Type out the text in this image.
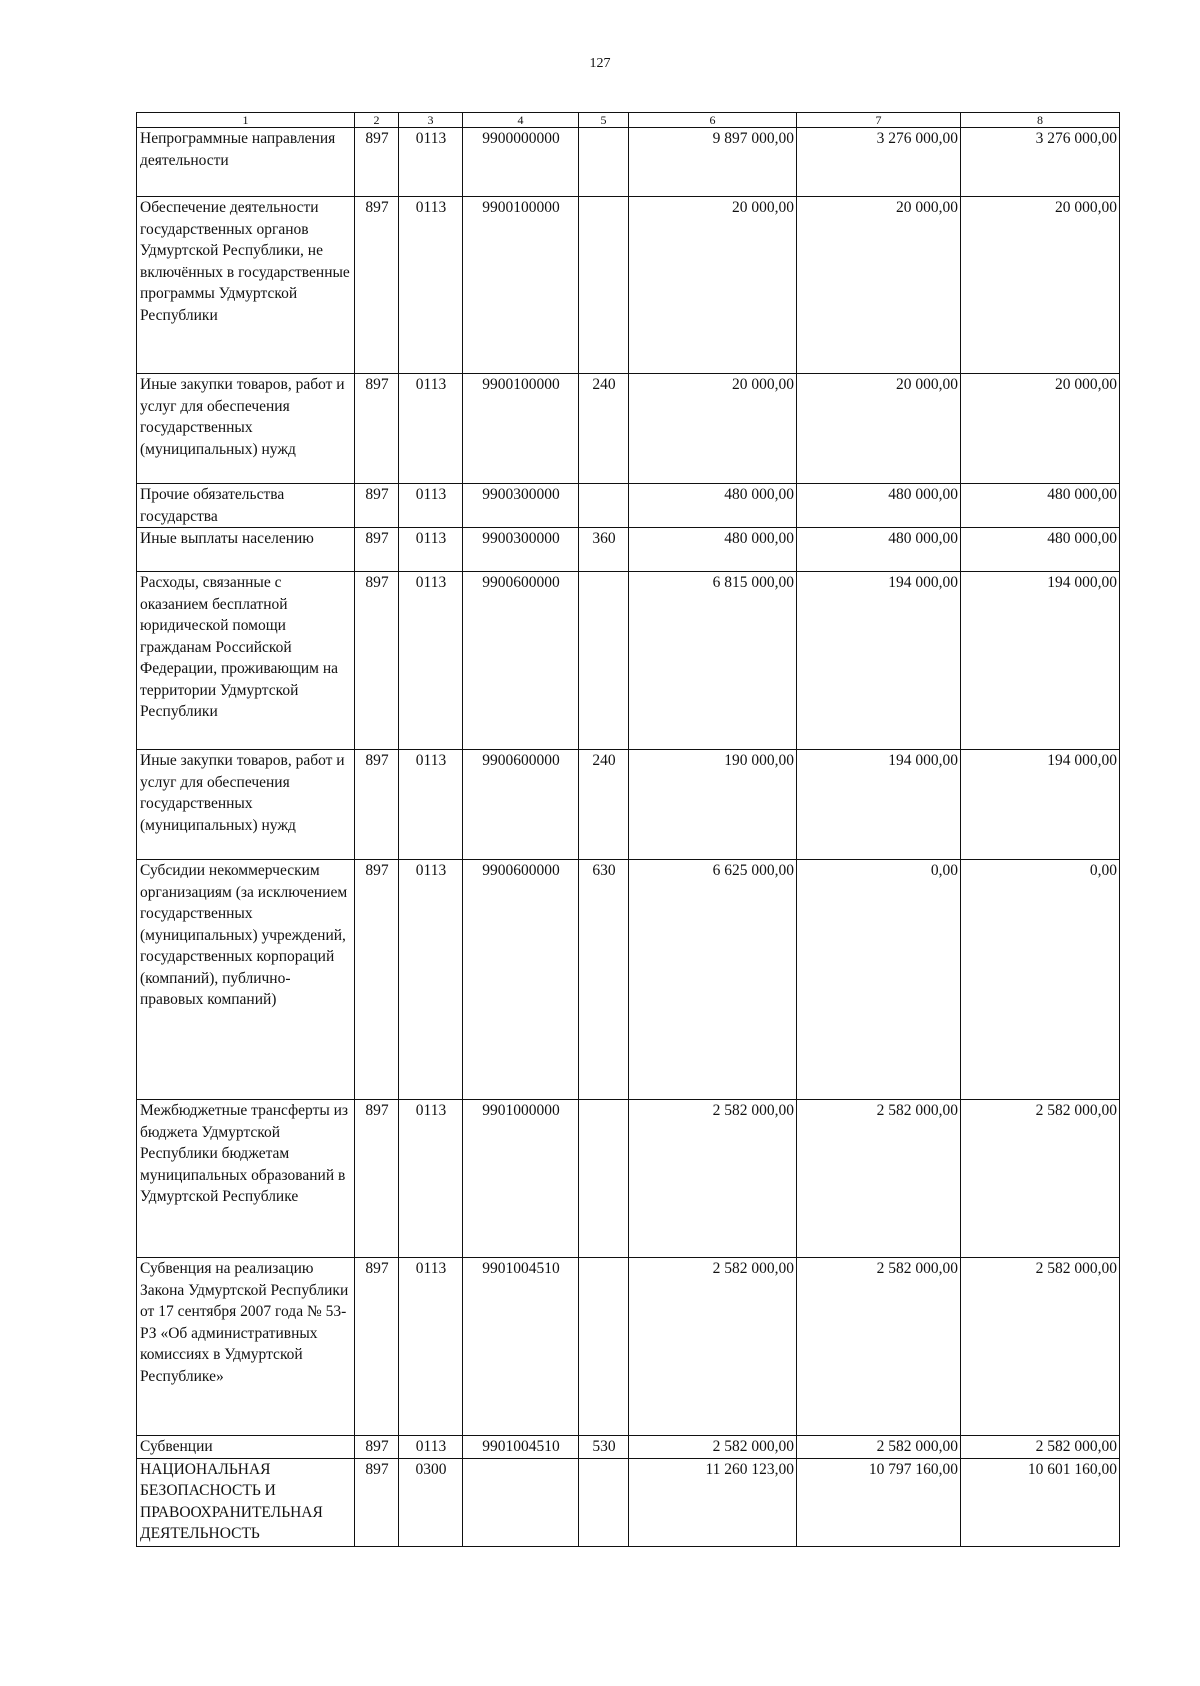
127
1	2	3	4	5	6	7	8
Непрограммные направления деятельности	897	0113	9900000000		9 897 000,00	3 276 000,00	3 276 000,00
Обеспечение деятельности государственных органов Удмуртской Республики, не включённых в государственные программы Удмуртской Республики	897	0113	9900100000		20 000,00	20 000,00	20 000,00
Иные закупки товаров, работ и услуг для обеспечения государственных (муниципальных) нужд	897	0113	9900100000	240	20 000,00	20 000,00	20 000,00
Прочие обязательства государства	897	0113	9900300000		480 000,00	480 000,00	480 000,00
Иные выплаты населению	897	0113	9900300000	360	480 000,00	480 000,00	480 000,00
Расходы, связанные с оказанием бесплатной юридической помощи гражданам Российской Федерации, проживающим на территории Удмуртской Республики	897	0113	9900600000		6 815 000,00	194 000,00	194 000,00
Иные закупки товаров, работ и услуг для обеспечения государственных (муниципальных) нужд	897	0113	9900600000	240	190 000,00	194 000,00	194 000,00
Субсидии некоммерческим организациям (за исключением государственных (муниципальных) учреждений, государственных корпораций (компаний), публично-правовых компаний)	897	0113	9900600000	630	6 625 000,00	0,00	0,00
Межбюджетные трансферты из бюджета Удмуртской Республики бюджетам муниципальных образований в Удмуртской Республике	897	0113	9901000000		2 582 000,00	2 582 000,00	2 582 000,00
Субвенция на реализацию Закона Удмуртской Республики от 17 сентября 2007 года № 53-РЗ «Об административных комиссиях в Удмуртской Республике»	897	0113	9901004510		2 582 000,00	2 582 000,00	2 582 000,00
Субвенции	897	0113	9901004510	530	2 582 000,00	2 582 000,00	2 582 000,00
НАЦИОНАЛЬНАЯ БЕЗОПАСНОСТЬ И ПРАВООХРАНИТЕЛЬНАЯ ДЕЯТЕЛЬНОСТЬ	897	0300			11 260 123,00	10 797 160,00	10 601 160,00
